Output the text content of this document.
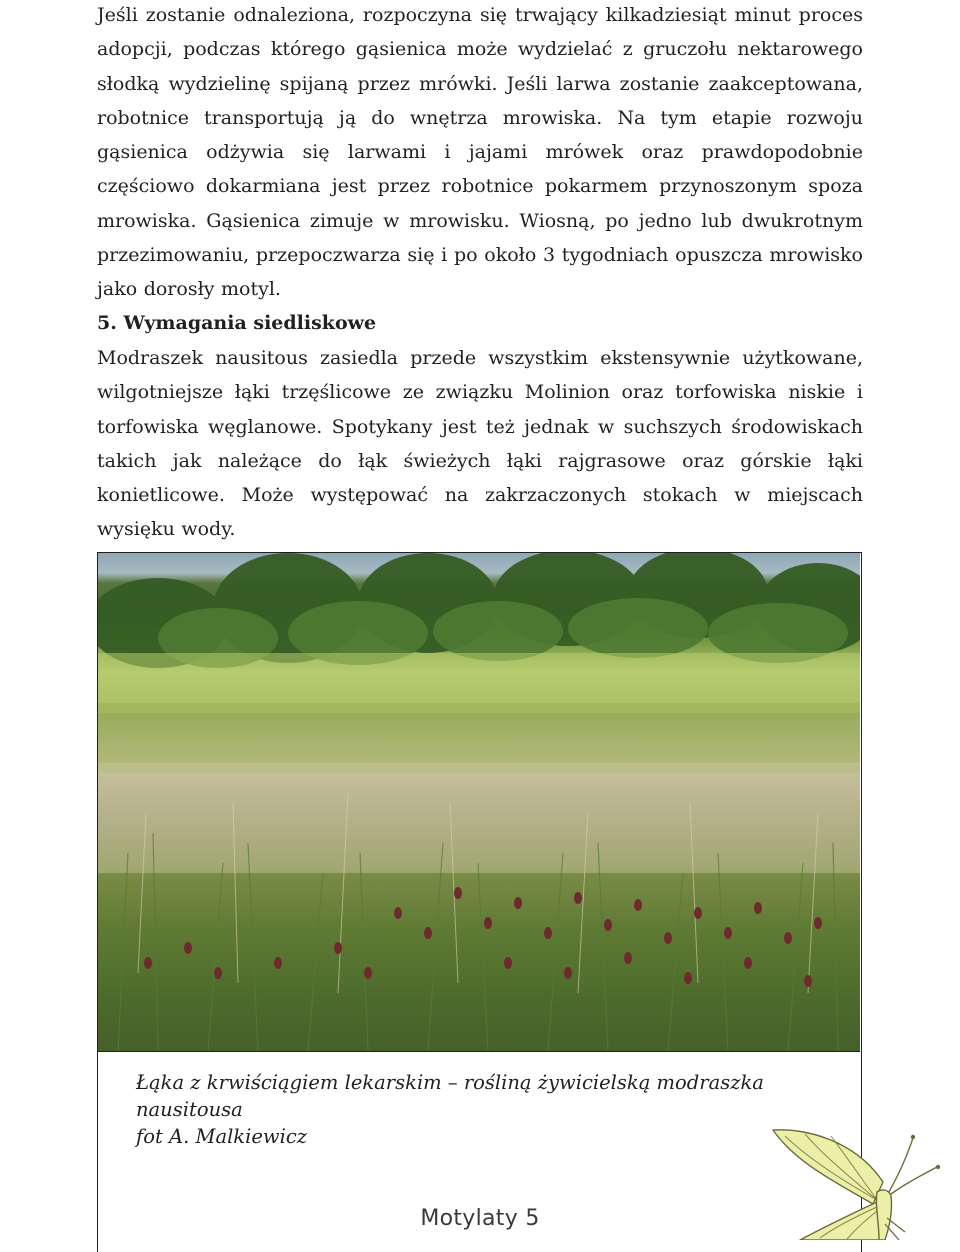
Jeśli zostanie odnaleziona, rozpoczyna się trwający kilkadziesiąt minut proces adopcji, podczas którego gąsienica może wydzielać z gruczołu nektarowego słodką wydzielinę spijaną przez mrówki. Jeśli larwa zostanie zaakceptowana, robotnice transportują ją do wnętrza mrowiska. Na tym etapie rozwoju gąsienica odżywia się larwami i jajami mrówek oraz prawdopodobnie częściowo dokarmiana jest przez robotnice pokarmem przynoszonym spoza mrowiska. Gąsienica zimuje w mrowisku. Wiosną, po jedno lub dwukrotnym przezimowaniu, przepoczwarza się i po około 3 tygodniach opuszcza mrowisko jako dorosły motyl.

5. Wymagania siedliskowe

Modraszek nausitous zasiedla przede wszystkim ekstensywnie użytkowane, wilgotniejsze łąki trzęślicowe ze związku Molinion oraz torfowiska niskie i torfowiska węglanowe. Spotykany jest też jednak w suchszych środowiskach takich jak należące do łąk świeżych łąki rajgrasowe oraz górskie łąki konietlicowe. Może występować na zakrzaczonych stokach w miejscach wysięku wody.

Łąka z krwiściągiem lekarskim – rośliną żywicielską modraszka nausitousa
fot A. Malkiewicz

Motylaty 5
